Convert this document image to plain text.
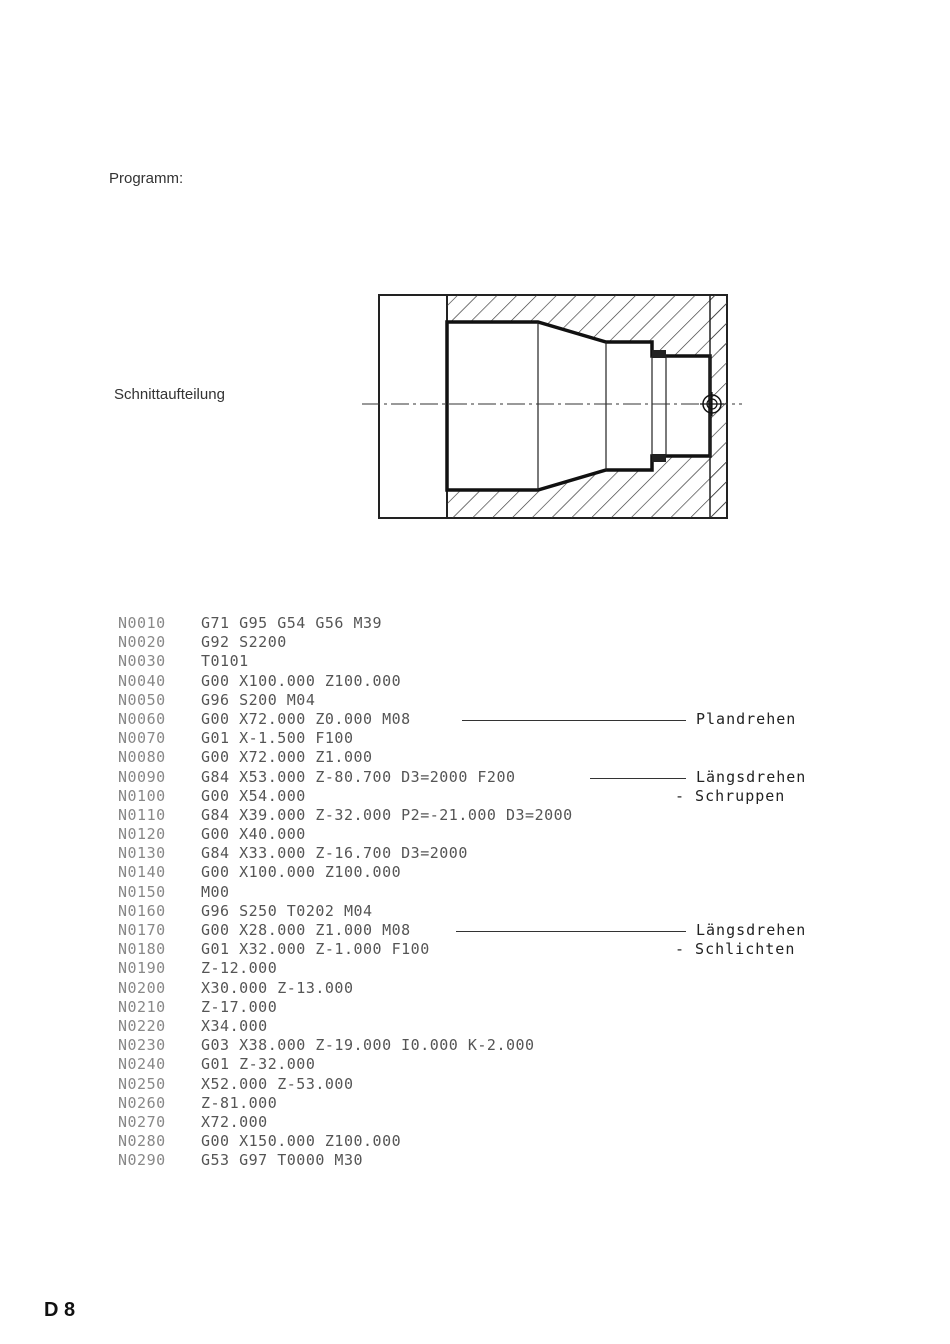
Programm:
Schnittaufteilung
N0010	G71 G95 G54 G56 M39
N0020	G92 S2200
N0030	T0101
N0040	G00 X100.000 Z100.000
N0050	G96 S200 M04
N0060	G00 X72.000 Z0.000 M08

	Plandrehen

N0070	G01 X-1.500 F100
N0080	G00 X72.000 Z1.000
N0090	G84 X53.000 Z-80.700 D3=2000 F200

	Längsdrehen

N0100	G00 X54.000

	- Schruppen

N0110	G84 X39.000 Z-32.000 P2=-21.000 D3=2000
N0120	G00 X40.000
N0130	G84 X33.000 Z-16.700 D3=2000
N0140	G00 X100.000 Z100.000
N0150	M00
N0160	G96 S250 T0202 M04
N0170	G00 X28.000 Z1.000 M08

	Längsdrehen

N0180	G01 X32.000 Z-1.000 F100

	- Schlichten

N0190	Z-12.000
N0200	X30.000 Z-13.000
N0210	Z-17.000
N0220	X34.000
N0230	G03 X38.000 Z-19.000 I0.000 K-2.000
N0240	G01 Z-32.000
N0250	X52.000 Z-53.000
N0260	Z-81.000
N0270	X72.000
N0280	G00 X150.000 Z100.000
N0290	G53 G97 T0000 M30
D 8
